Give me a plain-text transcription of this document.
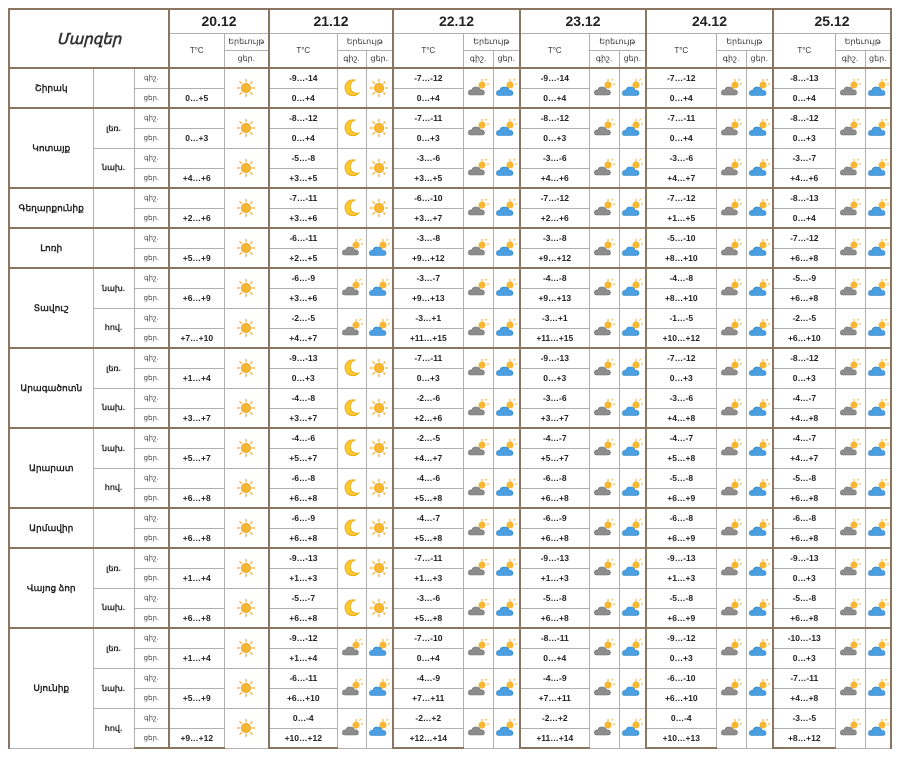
Մարզեր			20.12		21.12			22.12			23.12			24.12			25.12		
			T°C	Երեւույթ	T°C	Երեւույթ		T°C	Երեւույթ		T°C	Երեւույթ		T°C	Երեւույթ		T°C	Երեւույթ	
				ցեր.		գիշ.	ցեր.		գիշ.	ցեր.		գիշ.	ցեր.		գիշ.	ցեր.		գիշ.	ցեր.
Շիրակ		գիշ.			-9…-14			-7…-12			-9…-14			-7…-12			-8…-13	

		ցեր.	0…+5		0…+4			0…+4			0…+4			0…+4			0…+4		
Կոտայք	լեռ.	գիշ.			-8…-12			-7…-11			-8…-12			-7…-11			-8…-12	

		ցեր.	0…+3		0…+4			0…+3			0…+3			0…+4			0…+3		
	նախ.	գիշ.			-5…-8			-3…-6			-3…-6			-3…-6			-3…-7	

		ցեր.	+4…+6		+3…+5			+3…+5			+4…+6			+4…+7			+4…+6		
Գեղարքունիք		գիշ.			-7…-11			-6…-10			-7…-12			-7…-12			-8…-13	

		ցեր.	+2…+6		+3…+6			+3…+7			+2…+6			+1…+5			0…+4		
Լոռի		գիշ.			-6…-11			-3…-8			-3…-8			-5…-10			-7…-12	

		ցեր.	+5…+9		+2…+5			+9…+12			+9…+12			+8…+10			+6…+8		
Տավուշ	նախ.	գիշ.			-6…-9			-3…-7			-4…-8			-4…-8			-5…-9	

		ցեր.	+6…+9		+3…+6			+9…+13			+9…+13			+8…+10			+6…+8		
	հով.	գիշ.			-2…-5			-3…+1			-3…+1			-1…-5			-2…-5	

		ցեր.	+7…+10		+4…+7			+11…+15			+11…+15			+10…+12			+6…+10		
Արագածոտն	լեռ.	գիշ.			-9…-13			-7…-11			-9…-13			-7…-12			-8…-12	

		ցեր.	+1…+4		0…+3			0…+3			0…+3			0…+3			0…+3		
	նախ.	գիշ.			-4…-8			-2…-6			-3…-6			-3…-6			-4…-7	

		ցեր.	+3…+7		+3…+7			+2…+6			+3…+7			+4…+8			+4…+8		
Արարատ	նախ.	գիշ.			-4…-6			-2…-5			-4…-7			-4…-7			-4…-7	

		ցեր.	+5…+7		+5…+7			+4…+7			+5…+7			+5…+8			+4…+7		
	հով.	գիշ.			-6…-8			-4…-6			-6…-8			-5…-8			-5…-8	

		ցեր.	+6…+8		+6…+8			+5…+8			+6…+8			+6…+9			+6…+8		
Արմավիր		գիշ.			-6…-9			-4…-7			-6…-9			-6…-8			-6…-8	

		ցեր.	+6…+8		+6…+8			+5…+8			+6…+8			+6…+9			+6…+8		
Վայոց ձոր	լեռ.	գիշ.			-9…-13			-7…-11			-9…-13			-9…-13			-9…-13	

		ցեր.	+1…+4		+1…+3			+1…+3			+1…+3			+1…+3			0…+3		
	նախ.	գիշ.			-5…-7			-3…-6			-5…-8			-5…-8			-5…-8	

		ցեր.	+6…+8		+6…+8			+5…+8			+6…+8			+6…+9			+6…+8		
Սյունիք	լեռ.	գիշ.			-9…-12			-7…-10			-8…-11			-9…-12			-10…-13	

		ցեր.	+1…+4		+1…+4			0…+4			0…+4			0…+3			0…+3		
	նախ.	գիշ.			-6…-11			-4…-9			-4…-9			-6…-10			-7…-11	

		ցեր.	+5…+9		+6…+10			+7…+11			+7…+11			+6…+10			+4…+8		
	հով.	գիշ.			0…-4			-2…+2			-2…+2			0…-4			-3…-5	

		ցեր.	+9…+12		+10…+12			+12…+14			+11…+14			+10…+13			+8…+12		
